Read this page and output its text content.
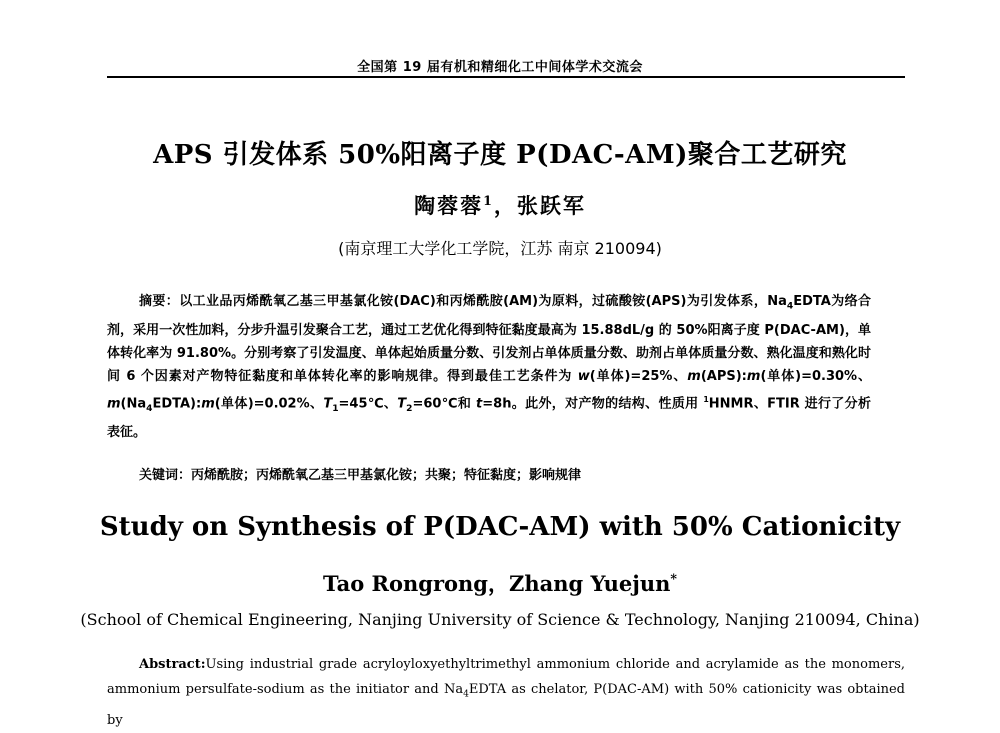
全国第 19 届有机和精细化工中间体学术交流会
APS 引发体系 50%阳离子度 P(DAC-AM)聚合工艺研究
陶蓉蓉$^1$，张跃军
(南京理工大学化工学院，江苏 南京 210094)

摘要：以工业品丙烯酰氧乙基三甲基氯化铵(DAC)和丙烯酰胺(AM)为原料，过硫酸铵(APS)为引发体系，$Na_4EDTA$为络合剂，采用一次性加料，分步升温引发聚合工艺，通过工艺优化得到特征黏度最高为 15.88dL/g 的 50%阳离子度 P(DAC-AM)，单体转化率为 91.80%。分别考察了引发温度、单体起始质量分数、引发剂占单体质量分数、助剂占单体质量分数、熟化温度和熟化时间 6 个因素对产物特征黏度和单体转化率的影响规律。得到最佳工艺条件为 w(单体)=25%、m(APS):m(单体)=0.30%、$m(Na_4EDTA):m$(单体)=0.02%、$T_1=45℃$、$T_2=60℃$和 t=8h。此外，对产物的结构、性质用 $^1$HNMR、FTIR 进行了分析表征。

关键词：丙烯酰胺；丙烯酰氧乙基三甲基氯化铵；共聚；特征黏度；影响规律
Study on Synthesis of P(DAC-AM) with 50% Cationicity
Tao Rongrong，Zhang Yuejun*
(School of Chemical Engineering, Nanjing University of Science & Technology, Nanjing 210094, China)

Abstract:Using industrial grade acryloyloxyethyltrimethyl ammonium chloride and acrylamide as the monomers, ammonium persulfate-sodium as the initiator and $Na_4EDTA$ as chelator, P(DAC-AM) with 50% cationicity was obtained by
